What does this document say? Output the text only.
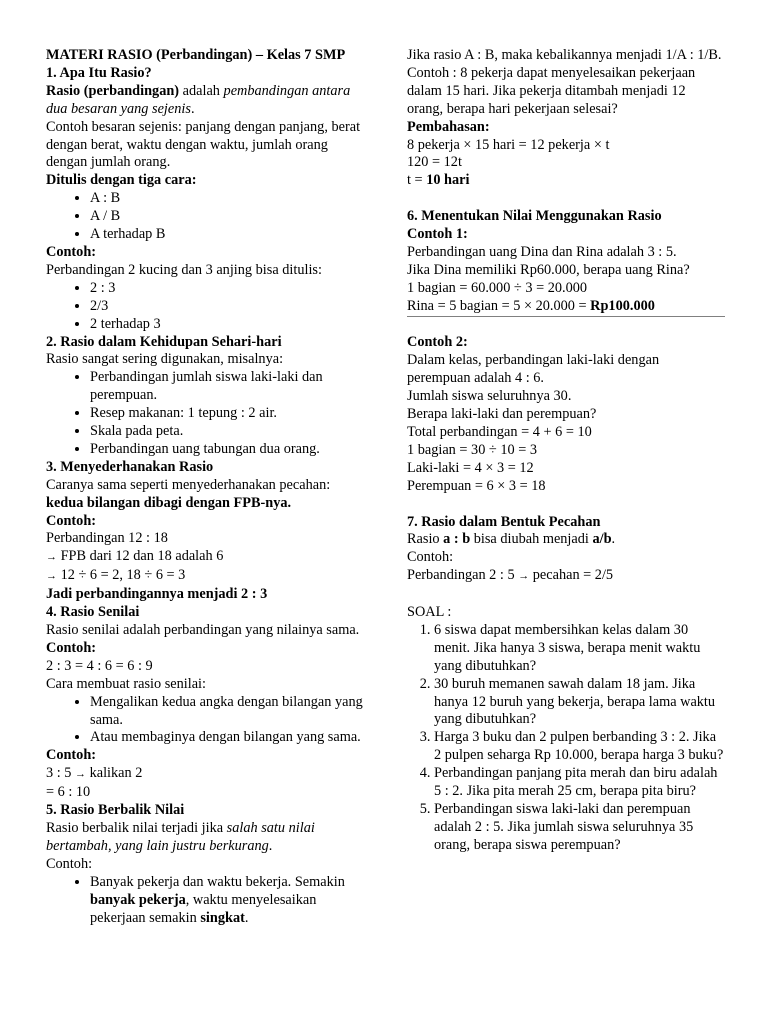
MATERI RASIO (Perbandingan) – Kelas 7 SMP

1. Apa Itu Rasio?

Rasio (perbandingan) adalah pembandingan antara dua besaran yang sejenis.

Contoh besaran sejenis: panjang dengan panjang, berat dengan berat, waktu dengan waktu, jumlah orang dengan jumlah orang.

Ditulis dengan tiga cara:

• A : B
• A / B
• A terhadap B

Contoh:

Perbandingan 2 kucing dan 3 anjing bisa ditulis:

• 2 : 3
• 2/3
• 2 terhadap 3

2. Rasio dalam Kehidupan Sehari-hari

Rasio sangat sering digunakan, misalnya:

• Perbandingan jumlah siswa laki-laki dan perempuan.
• Resep makanan: 1 tepung : 2 air.
• Skala pada peta.
• Perbandingan uang tabungan dua orang.

3. Menyederhanakan Rasio

Caranya sama seperti menyederhanakan pecahan:

kedua bilangan dibagi dengan FPB-nya.

Contoh:

Perbandingan 12 : 18

→ FPB dari 12 dan 18 adalah 6

→ 12 ÷ 6 = 2, 18 ÷ 6 = 3

Jadi perbandingannya menjadi 2 : 3

4. Rasio Senilai

Rasio senilai adalah perbandingan yang nilainya sama.

Contoh:

2 : 3 = 4 : 6 = 6 : 9

Cara membuat rasio senilai:

• Mengalikan kedua angka dengan bilangan yang sama.
• Atau membaginya dengan bilangan yang sama.

Contoh:

3 : 5 → kalikan 2

= 6 : 10

5. Rasio Berbalik Nilai

Rasio berbalik nilai terjadi jika salah satu nilai bertambah, yang lain justru berkurang.

Contoh:

• Banyak pekerja dan waktu bekerja. Semakin banyak pekerja, waktu menyelesaikan pekerjaan semakin singkat.

Jika rasio A : B, maka kebalikannya menjadi 1/A : 1/B.

Contoh : 8 pekerja dapat menyelesaikan pekerjaan dalam 15 hari. Jika pekerja ditambah menjadi 12 orang, berapa hari pekerjaan selesai?

Pembahasan:

8 pekerja × 15 hari = 12 pekerja × t

120 = 12t

t = 10 hari

6. Menentukan Nilai Menggunakan Rasio

Contoh 1:

Perbandingan uang Dina dan Rina adalah 3 : 5.

Jika Dina memiliki Rp60.000, berapa uang Rina?

1 bagian = 60.000 ÷ 3 = 20.000

Rina = 5 bagian = 5 × 20.000 = Rp100.000

Contoh 2:

Dalam kelas, perbandingan laki-laki dengan perempuan adalah 4 : 6.

Jumlah siswa seluruhnya 30.

Berapa laki-laki dan perempuan?

Total perbandingan = 4 + 6 = 10

1 bagian = 30 ÷ 10 = 3

Laki-laki = 4 × 3 = 12

Perempuan = 6 × 3 = 18

7. Rasio dalam Bentuk Pecahan

Rasio a : b bisa diubah menjadi a/b.

Contoh:

Perbandingan 2 : 5 → pecahan = 2/5

SOAL :

1. 6 siswa dapat membersihkan kelas dalam 30 menit. Jika hanya 3 siswa, berapa menit waktu yang dibutuhkan?
2. 30 buruh memanen sawah dalam 18 jam. Jika hanya 12 buruh yang bekerja, berapa lama waktu yang dibutuhkan?
3. Harga 3 buku dan 2 pulpen berbanding 3 : 2. Jika 2 pulpen seharga Rp 10.000, berapa harga 3 buku?
4. Perbandingan panjang pita merah dan biru adalah 5 : 2. Jika pita merah 25 cm, berapa pita biru?
5. Perbandingan siswa laki-laki dan perempuan adalah 2 : 5. Jika jumlah siswa seluruhnya 35 orang, berapa siswa perempuan?
